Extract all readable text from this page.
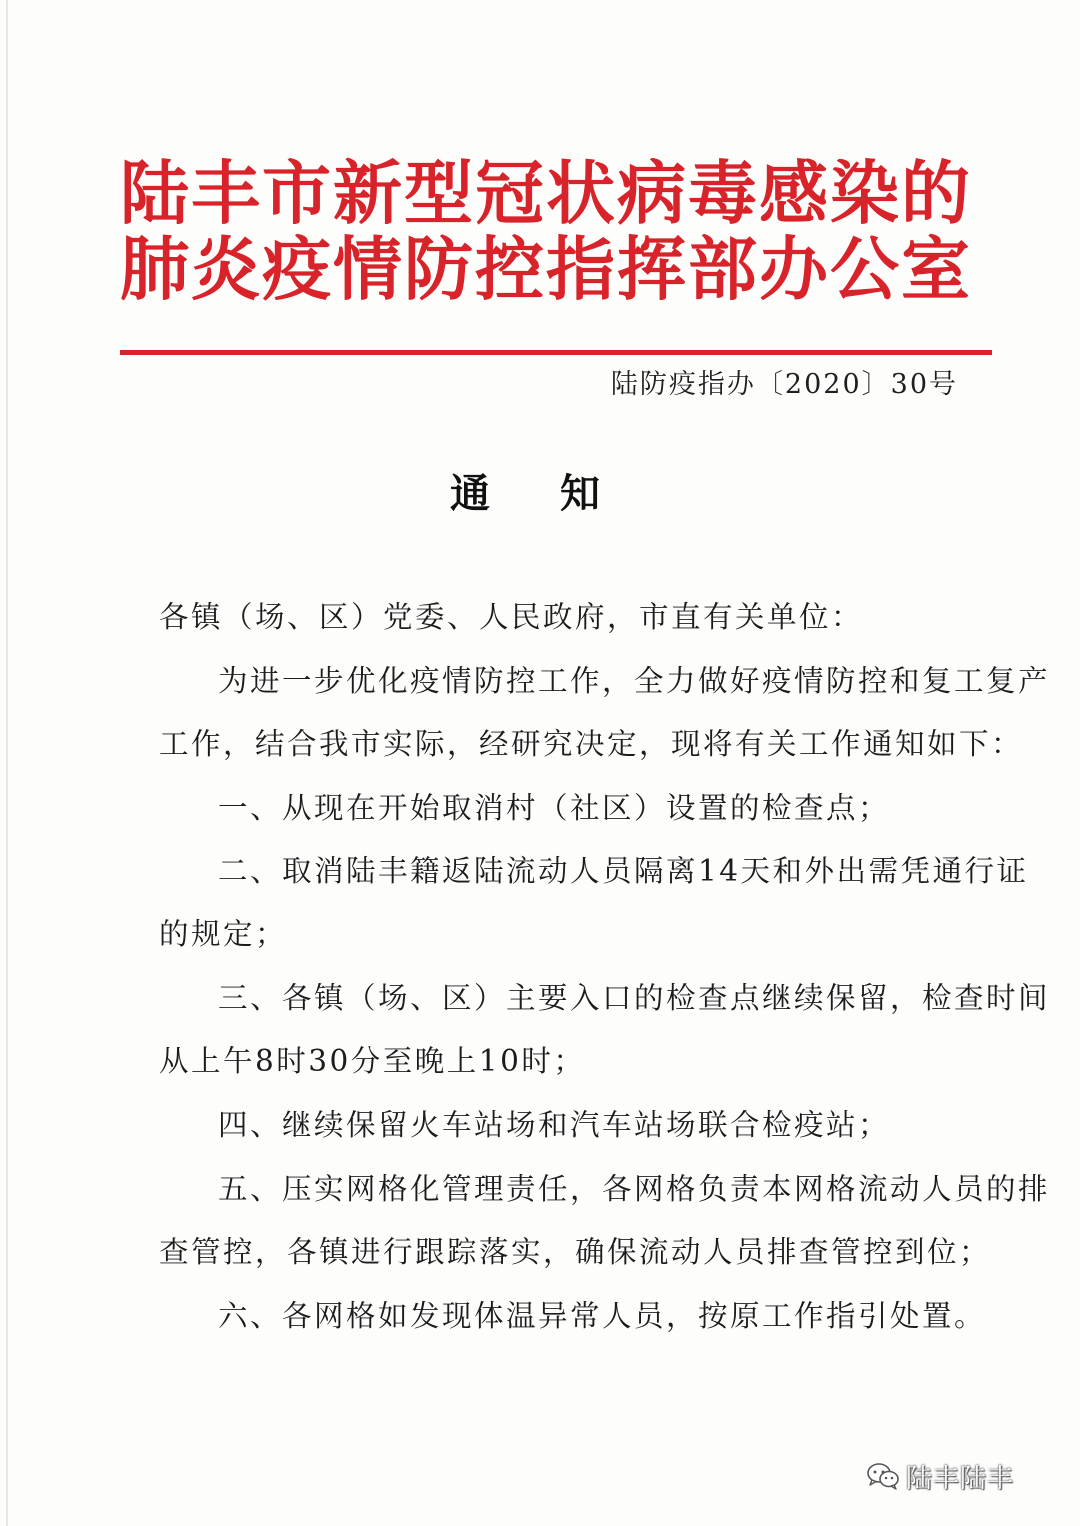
陆丰市新型冠状病毒感染的
肺炎疫情防控指挥部办公室
陆防疫指办〔2020〕30号
通知
各镇（场、区）党委、人民政府，市直有关单位：
为进一步优化疫情防控工作，全力做好疫情防控和复工复产
工作，结合我市实际，经研究决定，现将有关工作通知如下：
一、从现在开始取消村（社区）设置的检查点；
二、取消陆丰籍返陆流动人员隔离14天和外出需凭通行证
的规定；
三、各镇（场、区）主要入口的检查点继续保留，检查时间
从上午8时30分至晚上10时；
四、继续保留火车站场和汽车站场联合检疫站；
五、压实网格化管理责任，各网格负责本网格流动人员的排
查管控，各镇进行跟踪落实，确保流动人员排查管控到位；
六、各网格如发现体温异常人员，按原工作指引处置。
陆丰陆丰
